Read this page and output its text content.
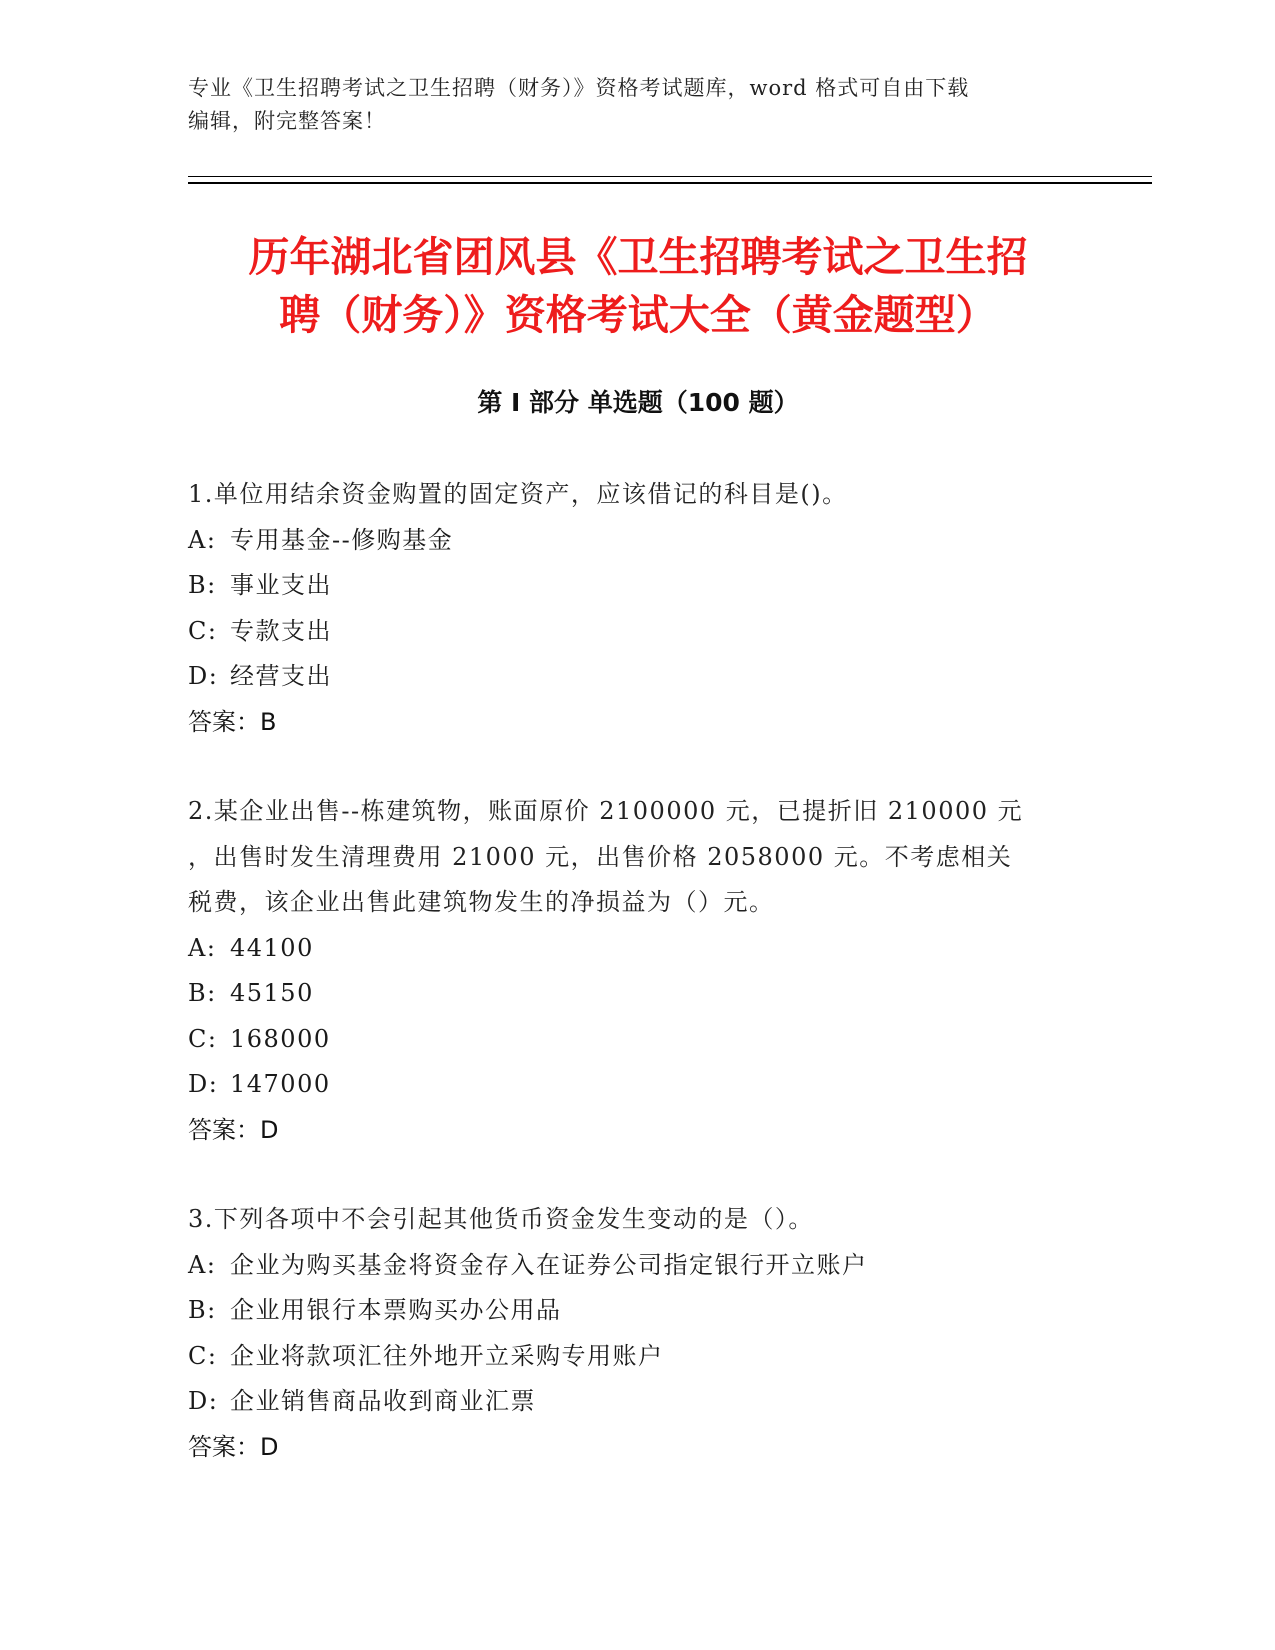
专业《卫生招聘考试之卫生招聘（财务）》资格考试题库，word 格式可自由下载
编辑，附完整答案！
历年湖北省团风县《卫生招聘考试之卫生招
聘（财务）》资格考试大全（黄金题型）
第 I 部分 单选题（100 题）
1.单位用结余资金购置的固定资产，应该借记的科目是()。
A: 专用基金--修购基金
B: 事业支出
C: 专款支出
D: 经营支出
答案：B
2.某企业出售--栋建筑物，账面原价 2100000 元，已提折旧 210000 元
，出售时发生清理费用 21000 元，出售价格 2058000 元。不考虑相关
税费，该企业出售此建筑物发生的净损益为（）元。
A: 44100
B: 45150
C: 168000
D: 147000
答案：D
3.下列各项中不会引起其他货币资金发生变动的是（）。
A: 企业为购买基金将资金存入在证券公司指定银行开立账户
B: 企业用银行本票购买办公用品
C: 企业将款项汇往外地开立采购专用账户
D: 企业销售商品收到商业汇票
答案：D
